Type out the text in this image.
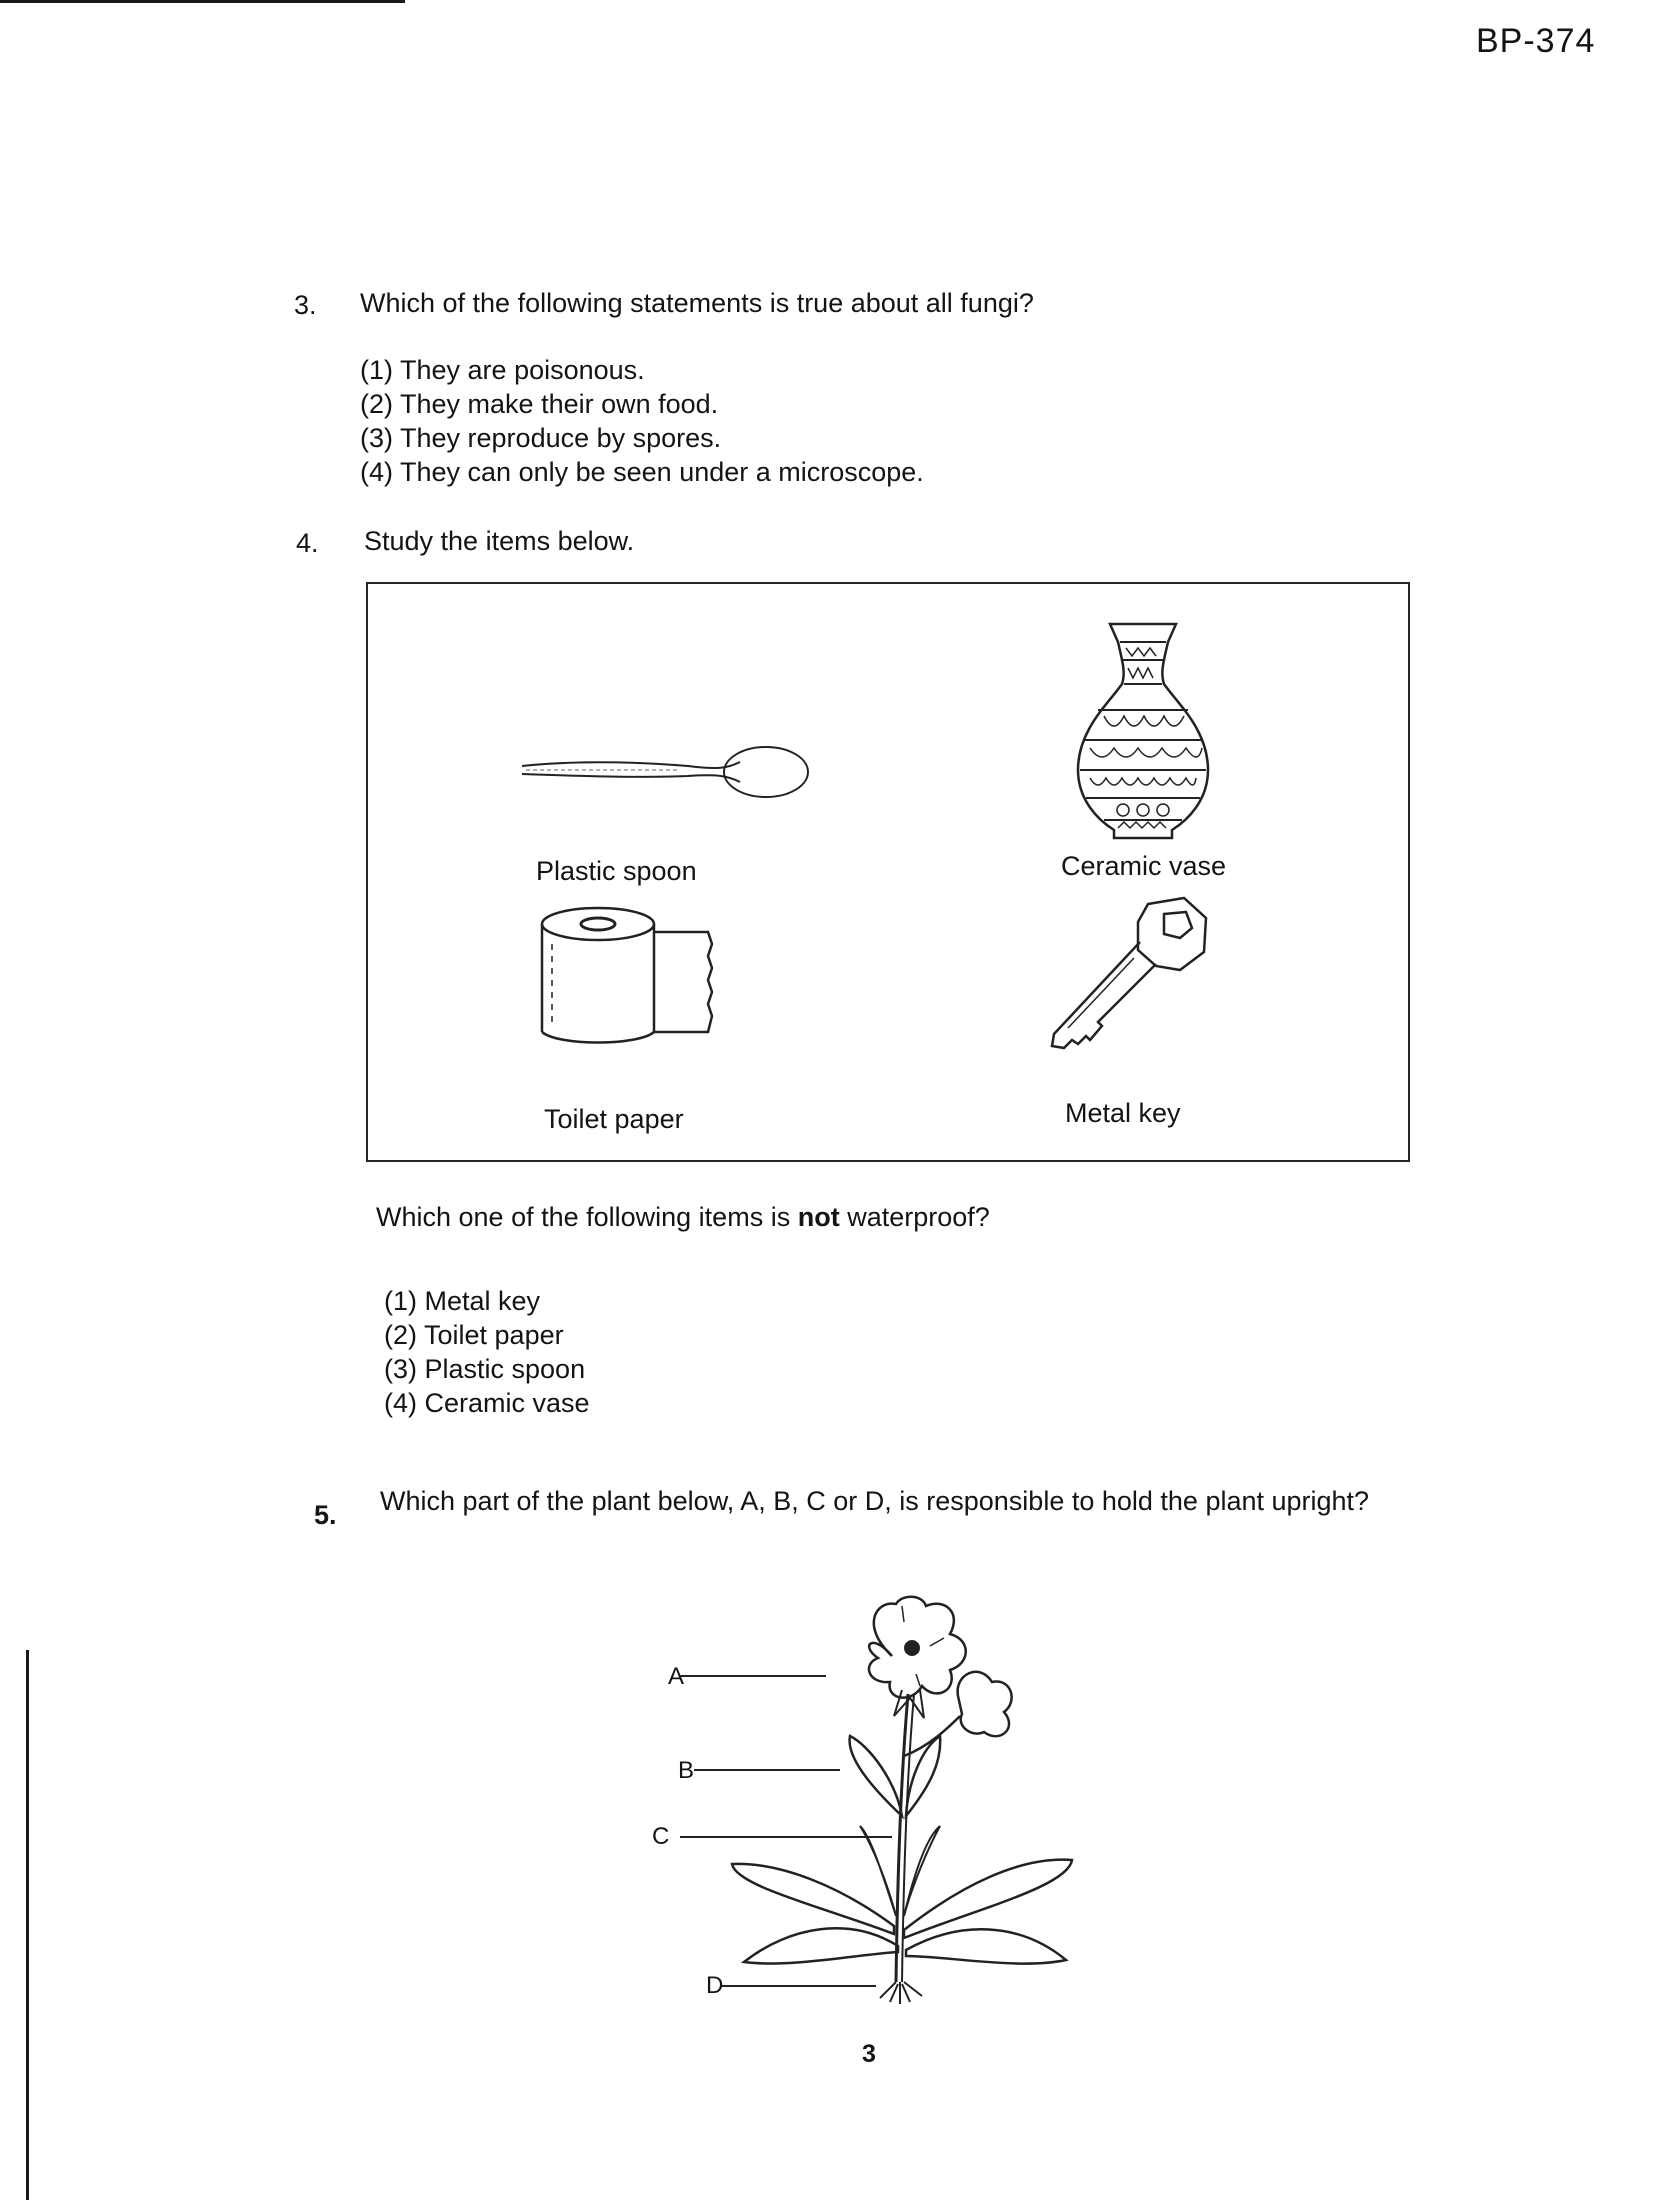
BP-374
3. Which of the following statements is true about all fungi?
(1) They are poisonous.
(2) They make their own food.
(3) They reproduce by spores.
(4) They can only be seen under a microscope.
4. Study the items below.
Plastic spoon	Ceramic vase
Toilet paper	Metal key
Which one of the following items is not waterproof?
(1) Metal key
(2) Toilet paper
(3) Plastic spoon
(4) Ceramic vase
5. Which part of the plant below, A, B, C or D, is responsible to hold the plant upright?
A
B
C
D
3
